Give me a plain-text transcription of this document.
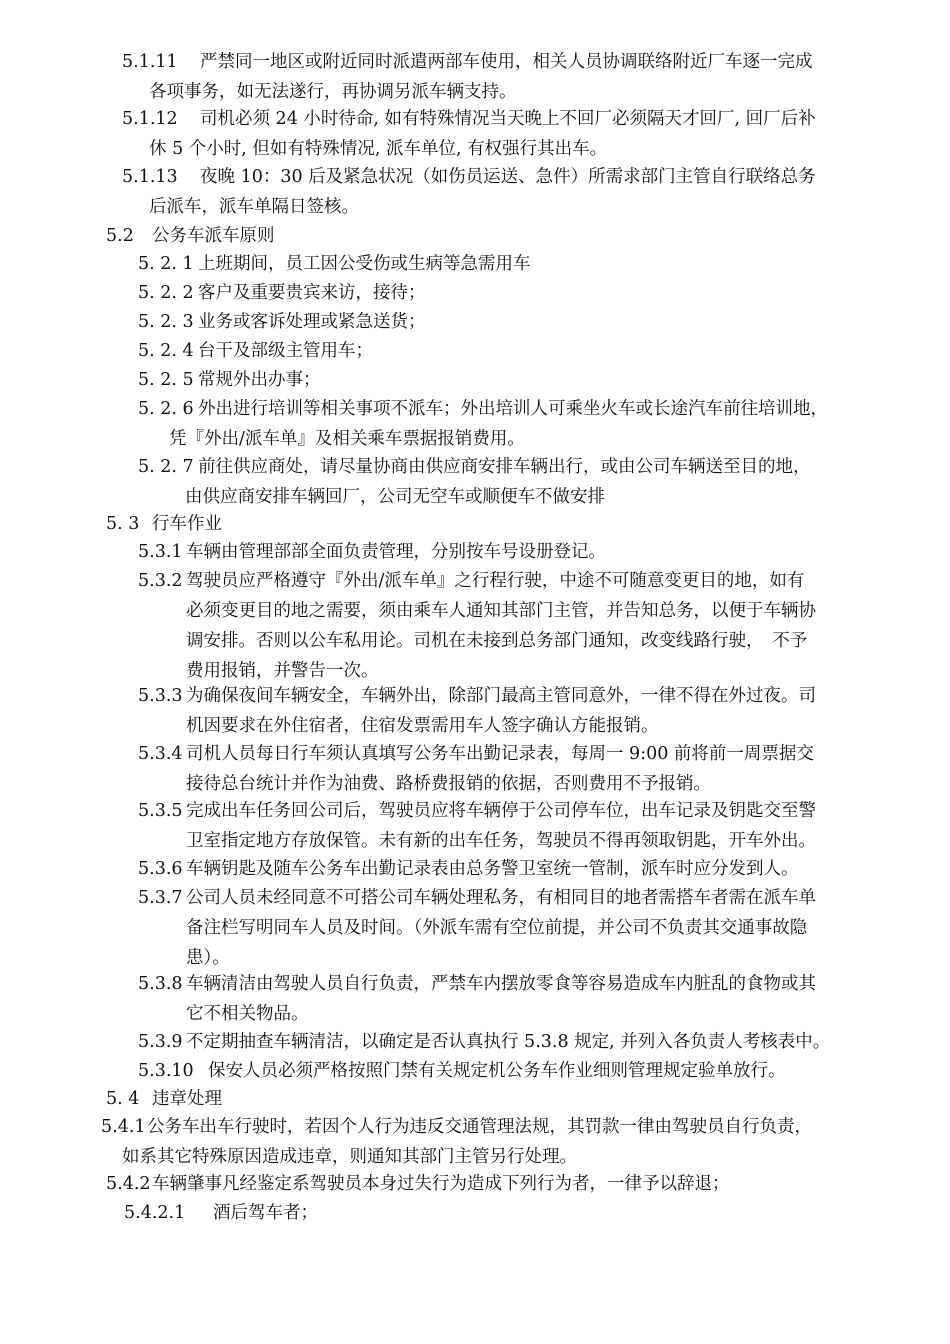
5.1.11 严禁同一地区或附近同时派遣两部车使用，相关人员协调联络附近厂车逐一完成
各项事务，如无法遂行，再协调另派车辆支持。
5.1.12 司机必须 24 小时待命, 如有特殊情况当天晚上不回厂必须隔天才回厂, 回厂后补
休 5 个小时, 但如有特殊情况, 派车单位, 有权强行其出车。
5.1.13 夜晚 10：30 后及紧急状况（如伤员运送、急件）所需求部门主管自行联络总务
后派车，派车单隔日签核。
5.2 公务车派车原则
5. 2. 1 上班期间，员工因公受伤或生病等急需用车
5. 2. 2 客户及重要贵宾来访，接待；
5. 2. 3 业务或客诉处理或紧急送货；
5. 2. 4 台干及部级主管用车；
5. 2. 5 常规外出办事；
5. 2. 6 外出进行培训等相关事项不派车；外出培训人可乘坐火车或长途汽车前往培训地，
凭『外出/派车单』及相关乘车票据报销费用。
5. 2. 7 前往供应商处，请尽量协商由供应商安排车辆出行，或由公司车辆送至目的地，
由供应商安排车辆回厂，公司无空车或顺便车不做安排
5. 3 行车作业
5.3.1 车辆由管理部部全面负责管理，分别按车号设册登记。
5.3.2 驾驶员应严格遵守『外出/派车单』之行程行驶，中途不可随意变更目的地，如有
必须变更目的地之需要，须由乘车人通知其部门主管，并告知总务，以便于车辆协
调安排。否则以公车私用论。司机在未接到总务部门通知，改变线路行驶，　不予
费用报销，并警告一次。
5.3.3 为确保夜间车辆安全，车辆外出，除部门最高主管同意外，一律不得在外过夜。司
机因要求在外住宿者，住宿发票需用车人签字确认方能报销。
5.3.4 司机人员每日行车须认真填写公务车出勤记录表，每周一 9:00 前将前一周票据交
接待总台统计并作为油费、路桥费报销的依据，否则费用不予报销。
5.3.5 完成出车任务回公司后，驾驶员应将车辆停于公司停车位，出车记录及钥匙交至警
卫室指定地方存放保管。未有新的出车任务，驾驶员不得再领取钥匙，开车外出。
5.3.6 车辆钥匙及随车公务车出勤记录表由总务警卫室统一管制，派车时应分发到人。
5.3.7 公司人员未经同意不可搭公司车辆处理私务，有相同目的地者需搭车者需在派车单
备注栏写明同车人员及时间。（外派车需有空位前提，并公司不负责其交通事故隐
患）。
5.3.8 车辆清洁由驾驶人员自行负责，严禁车内摆放零食等容易造成车内脏乱的食物或其
它不相关物品。
5.3.9 不定期抽查车辆清洁，以确定是否认真执行 5.3.8 规定, 并列入各负责人考核表中。
5.3.10 保安人员必须严格按照门禁有关规定机公务车作业细则管理规定验单放行。
5. 4 违章处理
5.4.1公务车出车行驶时，若因个人行为违反交通管理法规，其罚款一律由驾驶员自行负责，
如系其它特殊原因造成违章，则通知其部门主管另行处理。
5.4.2车辆肇事凡经鉴定系驾驶员本身过失行为造成下列行为者，一律予以辞退；
5.4.2.1 酒后驾车者；
